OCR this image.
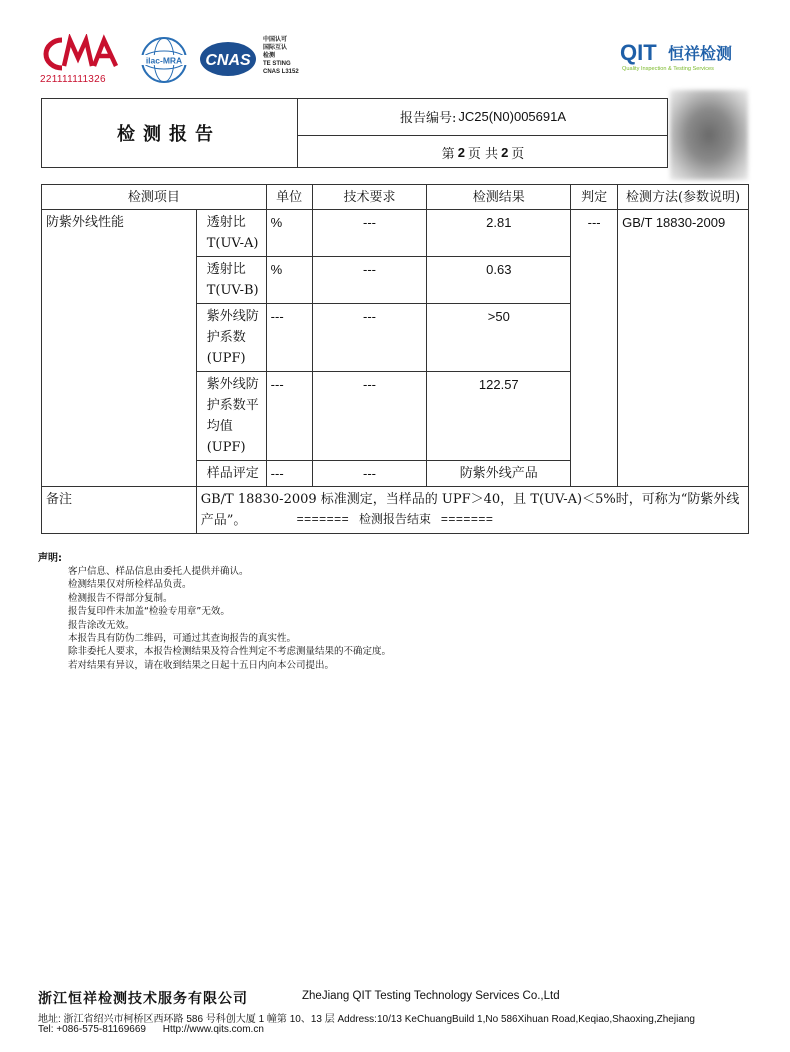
221111111326
ilac-MRA CNAS
中国认可
国际互认
检测
TE STING
CNAS L3152
QIT 恒祥检测
Quality Inspection & Testing Services
检测报告
报告编号: JC25(N0)005691A
第 2 页 共 2 页
检测项目		单位	技术要求	检测结果	判定	检测方法(参数说明)
防紫外线性能	透射比T(UV-A)	%	---	2.81	---	GB/T 18830-2009
	透射比T(UV-B)	%	---	0.63		
	紫外线防护系数(UPF)	---	---	>50		
	紫外线防护系数平均值(UPF)	---	---	122.57		
	样品评定	---	---	防紫外线产品		
备注	GB/T 18830-2009 标准测定，当样品的 UPF＞40，且 T(UV-A)＜5%时，可称为“防紫外线产品”。						======= 检测报告结束 =======
声明:
客户信息、样品信息由委托人提供并确认。
检测结果仅对所检样品负责。
检测报告不得部分复制。
报告复印件未加盖“检验专用章”无效。
报告涂改无效。
本报告具有防伪二维码，可通过其查询报告的真实性。
除非委托人要求，本报告检测结果及符合性判定不考虑测量结果的不确定度。
若对结果有异议，请在收到结果之日起十五日内向本公司提出。
浙江恒祥检测技术服务有限公司	ZheJiang QIT Testing Technology Services Co.,Ltd
地址: 浙江省绍兴市柯桥区西环路 586 号科创大厦 1 幢第 10、13 层 Address:10/13 KeChuangBuild 1,No 586Xihuan Road,Keqiao,Shaoxing,Zhejiang
Tel: +086-575-81169669 Http://www.qits.com.cn
